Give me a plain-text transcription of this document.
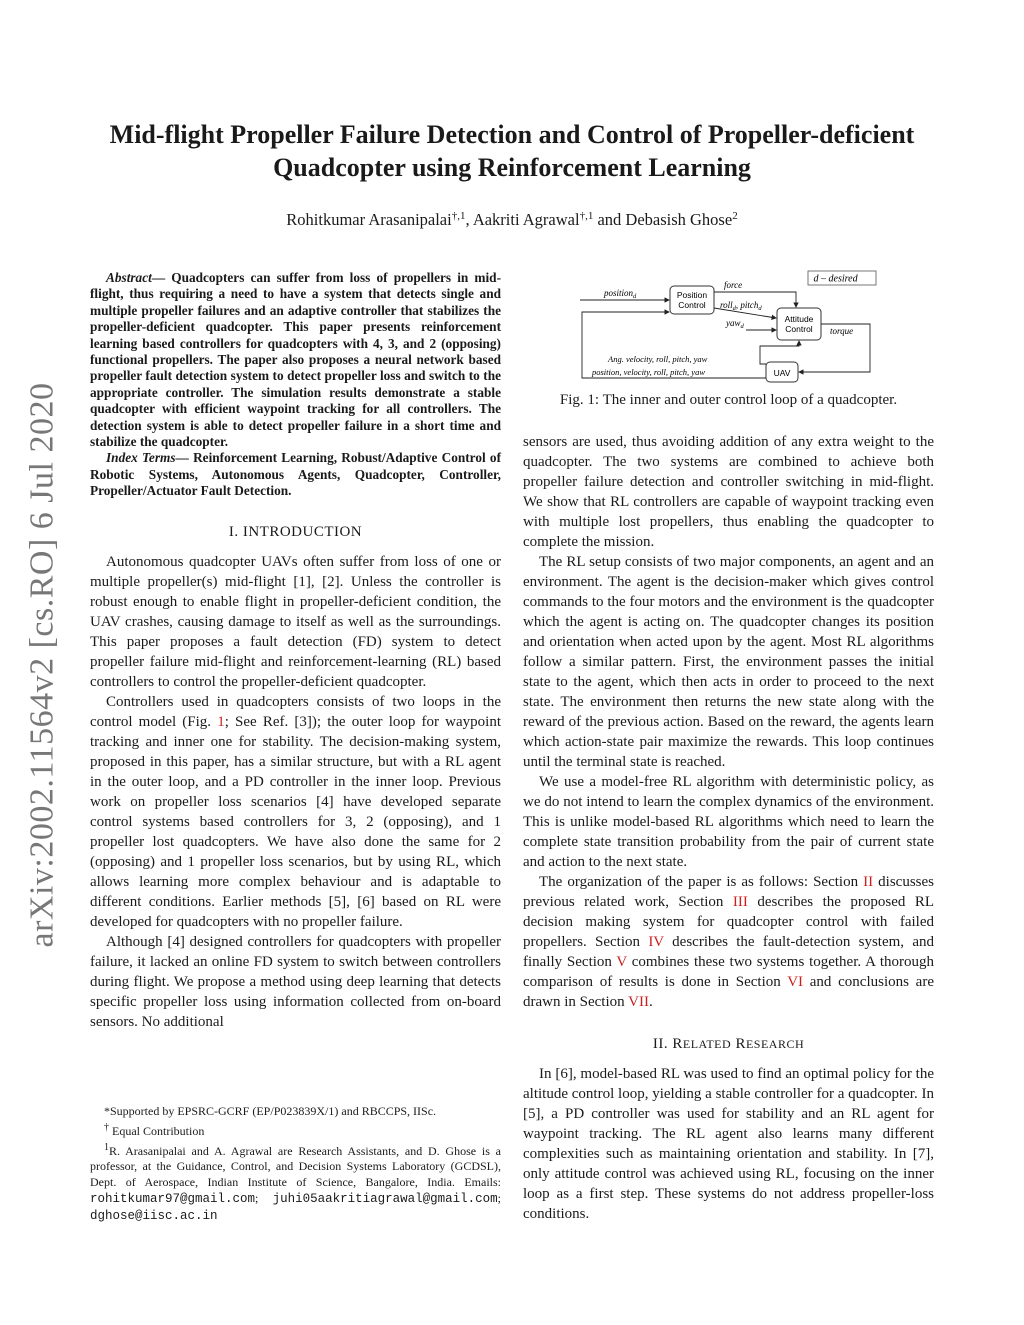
arXiv:2002.11564v2 [cs.RO] 6 Jul 2020
Mid-flight Propeller Failure Detection and Control of Propeller-deficient
Quadcopter using Reinforcement Learning
Rohitkumar Arasanipalai$^{\dagger,1}$, Aakriti Agrawal$^{\dagger,1}$ and Debasish Ghose$^2$

Abstract— Quadcopters can suffer from loss of propellers in mid-flight, thus requiring a need to have a system that detects single and multiple propeller failures and an adaptive controller that stabilizes the propeller-deficient quadcopter. This paper presents reinforcement learning based controllers for quadcopters with 4, 3, and 2 (opposing) functional propellers. The paper also proposes a neural network based propeller fault detection system to detect propeller loss and switch to the appropriate controller. The simulation results demonstrate a stable quadcopter with efficient waypoint tracking for all controllers. The detection system is able to detect propeller failure in a short time and stabilize the quadcopter.

Index Terms— Reinforcement Learning, Robust/Adaptive Control of Robotic Systems, Autonomous Agents, Quadcopter, Controller, Propeller/Actuator Fault Detection.

I. INTRODUCTION

Autonomous quadcopter UAVs often suffer from loss of one or multiple propeller(s) mid-flight [1], [2]. Unless the controller is robust enough to enable flight in propeller-deficient condition, the UAV crashes, causing damage to itself as well as the surroundings. This paper proposes a fault detection (FD) system to detect propeller failure mid-flight and reinforcement-learning (RL) based controllers to control the propeller-deficient quadcopter.

Controllers used in quadcopters consists of two loops in the control model (Fig. 1; See Ref. [3]); the outer loop for waypoint tracking and inner one for stability. The decision-making system, proposed in this paper, has a similar structure, but with a RL agent in the outer loop, and a PD controller in the inner loop. Previous work on propeller loss scenarios [4] have developed separate control systems based controllers for 3, 2 (opposing), and 1 propeller lost quadcopters. We have also done the same for 2 (opposing) and 1 propeller loss scenarios, but by using RL, which allows learning more complex behaviour and is adaptable to different conditions. Earlier methods [5], [6] based on RL were developed for quadcopters with no propeller failure.

Although [4] designed controllers for quadcopters with propeller failure, it lacked an online FD system to switch between controllers during flight. We propose a method using deep learning that detects specific propeller loss using information collected from on-board sensors. No additional

*Supported by EPSRC-GCRF (EP/P023839X/1) and RBCCPS, IISc.

† Equal Contribution

$^1$R. Arasanipalai and A. Agrawal are Research Assistants, and D. Ghose is a professor, at the Guidance, Control, and Decision Systems Laboratory (GCDSL), Dept. of Aerospace, Indian Institute of Science, Bangalore, India. Emails: rohitkumar97@gmail.com; juhi05aakritiagrawal@gmail.com; dghose@iisc.ac.in

d – desired
Position
Control
Attitude
Control
UAV
position$_d$
force
roll$_d$, pitch$_d$
yaw$_d$	torque
Ang. velocity, roll, pitch, yaw
position, velocity, roll, pitch, yaw
Fig. 1: The inner and outer control loop of a quadcopter.

sensors are used, thus avoiding addition of any extra weight to the quadcopter. The two systems are combined to achieve both propeller failure detection and controller switching in mid-flight. We show that RL controllers are capable of waypoint tracking even with multiple lost propellers, thus enabling the quadcopter to complete the mission.

The RL setup consists of two major components, an agent and an environment. The agent is the decision-maker which gives control commands to the four motors and the environment is the quadcopter which the agent is acting on. The quadcopter changes its position and orientation when acted upon by the agent. Most RL algorithms follow a similar pattern. First, the environment passes the initial state to the agent, which then acts in order to proceed to the next state. The environment then returns the new state along with the reward of the previous action. Based on the reward, the agents learn which action-state pair maximize the rewards. This loop continues until the terminal state is reached.

We use a model-free RL algorithm with deterministic policy, as we do not intend to learn the complex dynamics of the environment. This is unlike model-based RL algorithms which need to learn the complete state transition probability from the pair of current state and action to the next state.

The organization of the paper is as follows: Section II discusses previous related work, Section III describes the proposed RL decision making system for quadcopter control with failed propellers. Section IV describes the fault-detection system, and finally Section V combines these two systems together. A thorough comparison of results is done in Section VI and conclusions are drawn in Section VII.

II. RELATED RESEARCH

In [6], model-based RL was used to find an optimal policy for the altitude control loop, yielding a stable controller for a quadcopter. In [5], a PD controller was used for stability and an RL agent for waypoint tracking. The RL agent also learns many different complexities such as maintaining orientation and stability. In [7], only attitude control was achieved using RL, focusing on the inner loop as a first step. These systems do not address propeller-loss conditions.
